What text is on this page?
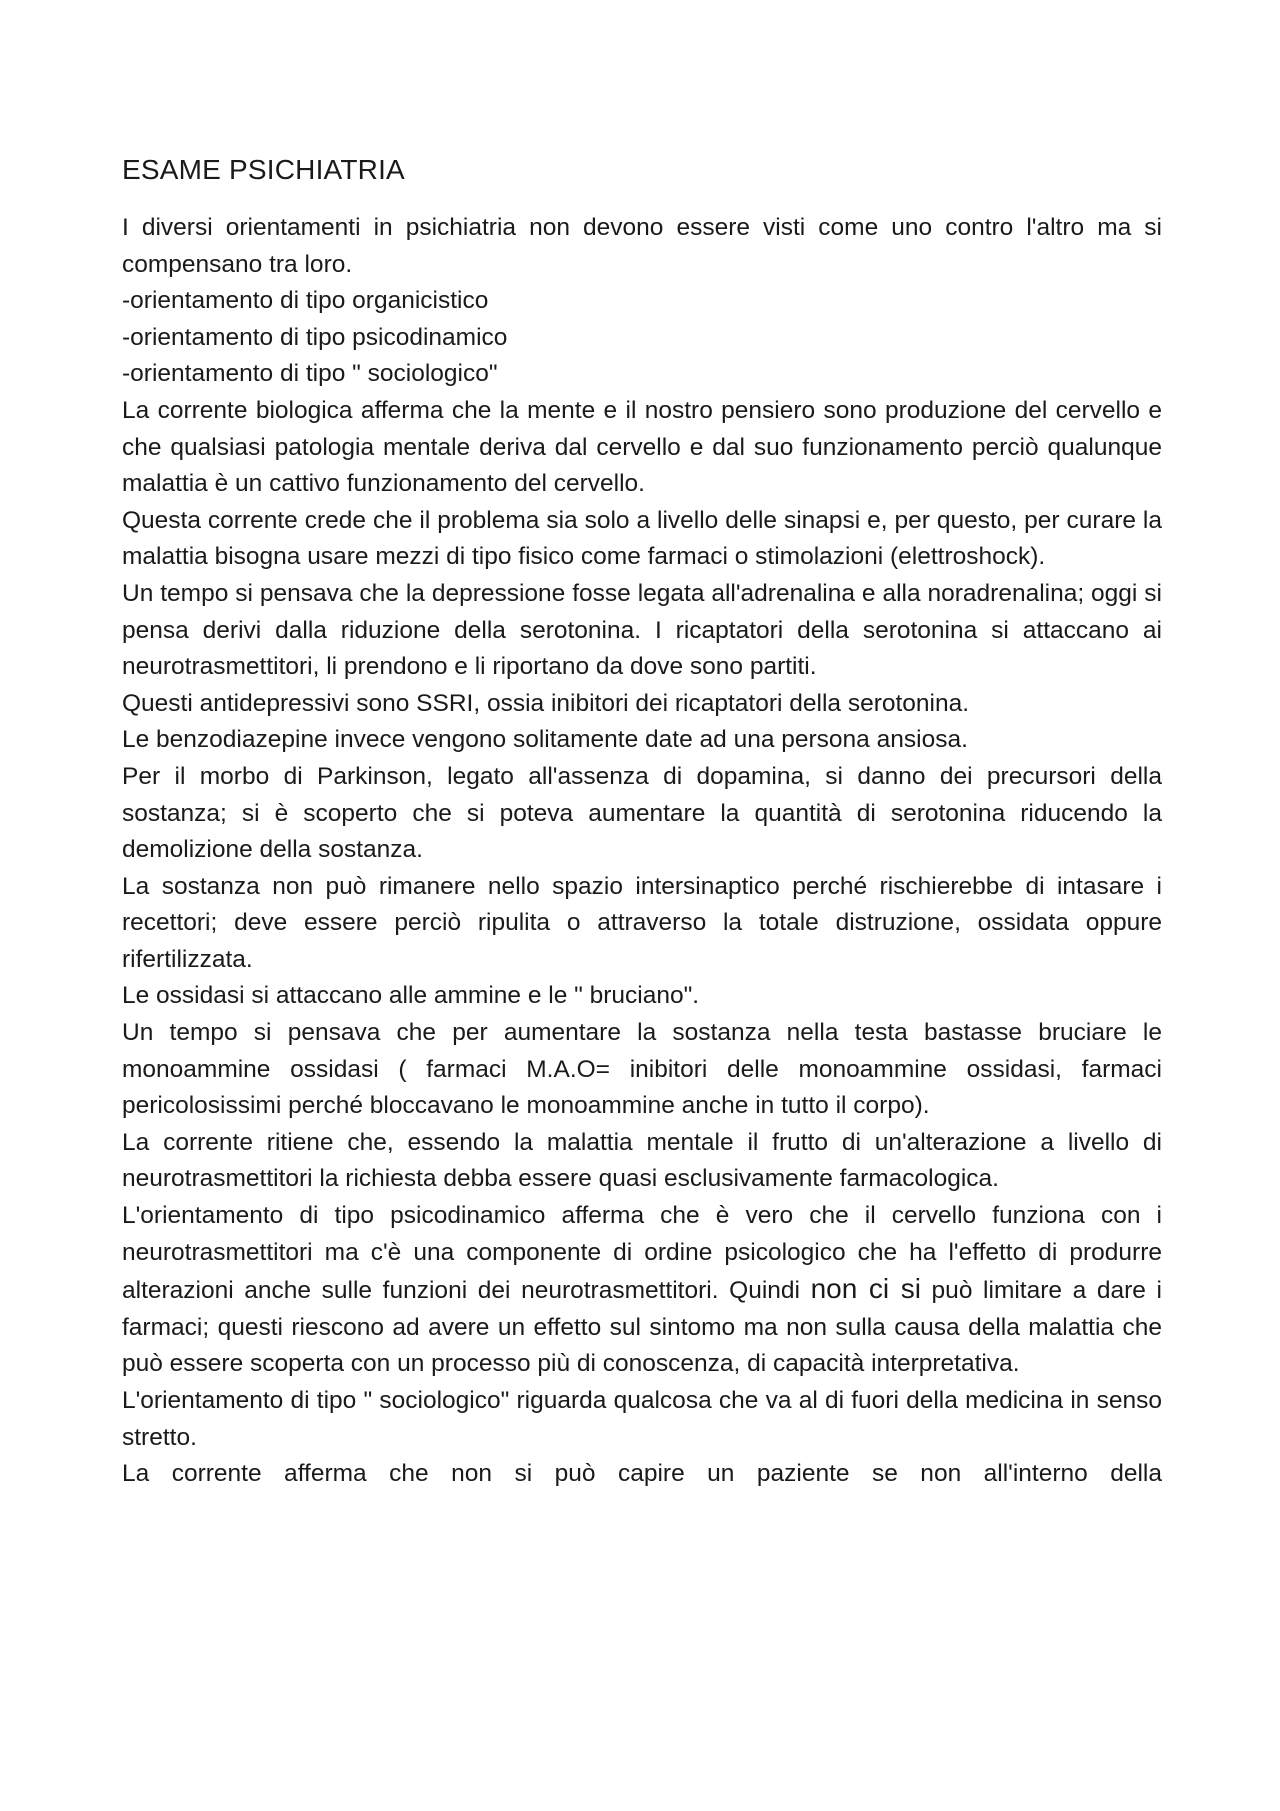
ESAME PSICHIATRIA

I diversi orientamenti in psichiatria non devono essere visti come uno contro l'altro ma si compensano tra loro.

-orientamento di tipo organicistico
-orientamento di tipo psicodinamico
-orientamento di tipo " sociologico"

La corrente biologica afferma che la mente e il nostro pensiero sono produzione del cervello e che qualsiasi patologia mentale deriva dal cervello e dal suo funzionamento perciò qualunque malattia è un cattivo funzionamento del cervello.

Questa corrente crede che il problema sia solo a livello delle sinapsi e, per questo, per curare la malattia bisogna usare mezzi di tipo fisico come farmaci o stimolazioni (elettroshock).

Un tempo si pensava che la depressione fosse legata all'adrenalina e alla noradrenalina; oggi si pensa derivi dalla riduzione della serotonina. I ricaptatori della serotonina si attaccano ai neurotrasmettitori, li prendono e li riportano da dove sono partiti.

Questi antidepressivi sono SSRI, ossia inibitori dei ricaptatori della serotonina.

Le benzodiazepine invece vengono solitamente date ad una persona ansiosa.

Per il morbo di Parkinson, legato all'assenza di dopamina, si danno dei precursori della sostanza; si è scoperto che si poteva aumentare la quantità di serotonina riducendo la demolizione della sostanza.

La sostanza non può rimanere nello spazio intersinaptico perché rischierebbe di intasare i recettori; deve essere perciò ripulita o attraverso la totale distruzione, ossidata oppure rifertilizzata.

Le ossidasi si attaccano alle ammine e le " bruciano".

Un tempo si pensava che per aumentare la sostanza nella testa bastasse bruciare le monoammine ossidasi ( farmaci M.A.O= inibitori delle monoammine ossidasi, farmaci pericolosissimi perché bloccavano le monoammine anche in tutto il corpo).

La corrente ritiene che, essendo la malattia mentale il frutto di un'alterazione a livello di neurotrasmettitori la richiesta debba essere quasi esclusivamente farmacologica.

L'orientamento di tipo psicodinamico afferma che è vero che il cervello funziona con i neurotrasmettitori ma c'è una componente di ordine psicologico che ha l'effetto di produrre alterazioni anche sulle funzioni dei neurotrasmettitori. Quindi non ci si può limitare a dare i farmaci; questi riescono ad avere un effetto sul sintomo ma non sulla causa della malattia che può essere scoperta con un processo più di conoscenza, di capacità interpretativa.

L'orientamento di tipo " sociologico" riguarda qualcosa che va al di fuori della medicina in senso stretto.

La corrente afferma che non si può capire un paziente se non all'interno della
